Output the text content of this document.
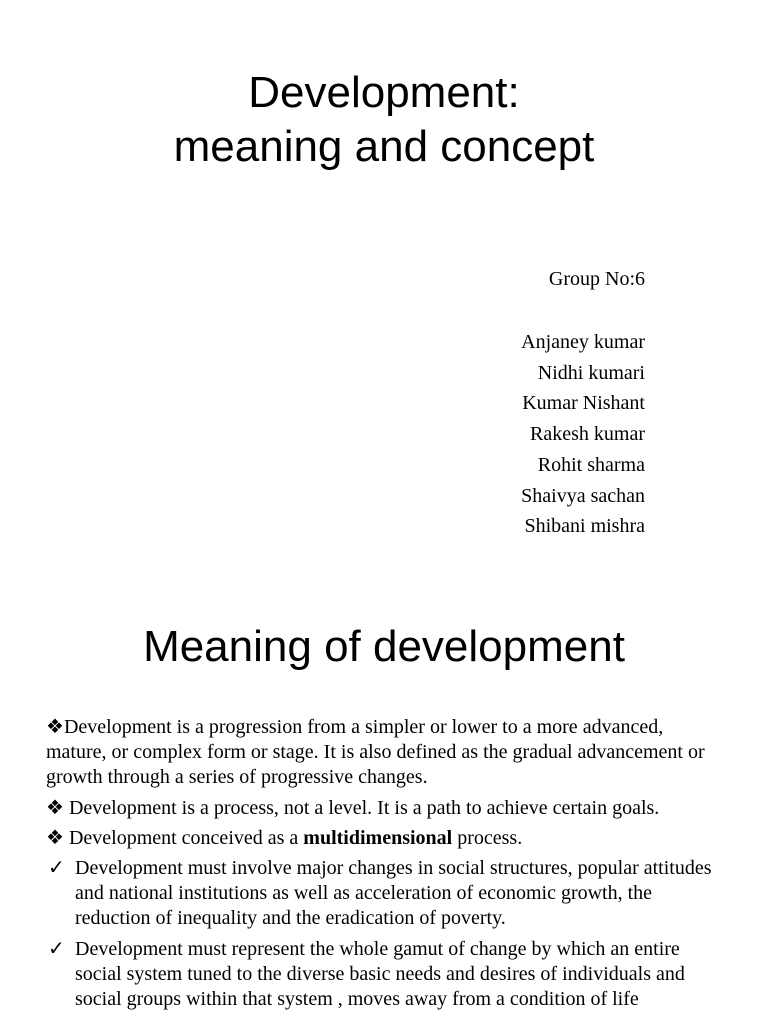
Development:
meaning and concept
Group No:6
Anjaney kumar
Nidhi kumari
Kumar Nishant
Rakesh kumar
Rohit sharma
Shaivya sachan
Shibani mishra
Meaning of development

❖Development is a progression from a simpler or lower to a more advanced, mature, or complex form or stage. It is also defined as the gradual advancement or growth through a series of progressive changes.

❖ Development is a process, not a level. It is a path to achieve certain goals.

❖ Development conceived as a multidimensional process.

✓ Development must involve major changes in social structures, popular attitudes and national institutions as well as acceleration of economic growth, the reduction of inequality and the eradication of poverty.
✓ Development must represent the whole gamut of change by which an entire social system tuned to the diverse basic needs and desires of individuals and social groups within that system , moves away from a condition of life
